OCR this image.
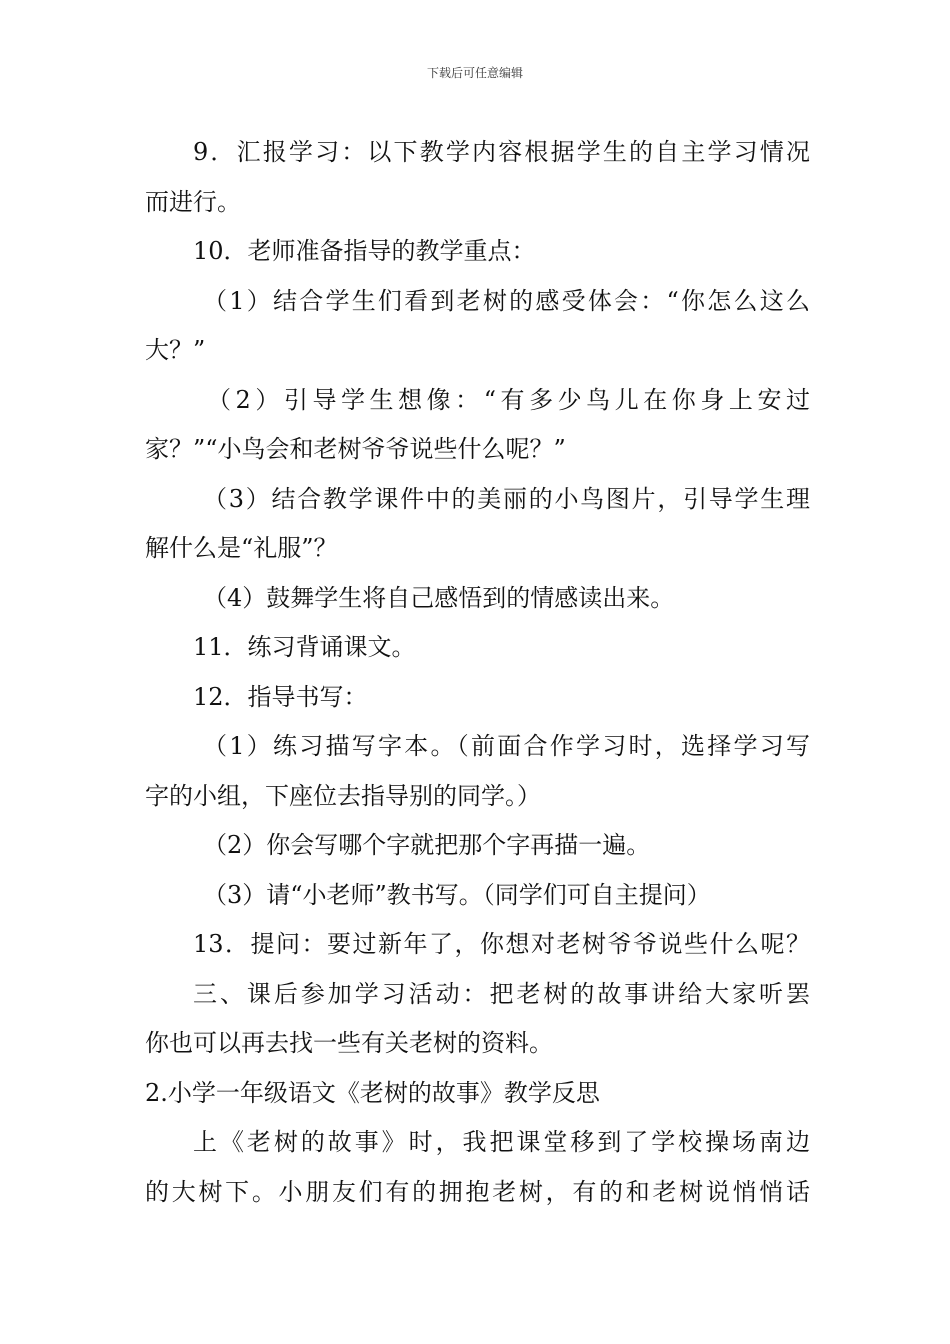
下载后可任意编辑
9．汇报学习：以下教学内容根据学生的自主学习情况
而进行。
10．老师准备指导的教学重点：
（1）结合学生们看到老树的感受体会：“你怎么这么
大？”
（2）引导学生想像：“有多少鸟儿在你身上安过
家？”“小鸟会和老树爷爷说些什么呢？”
（3）结合教学课件中的美丽的小鸟图片，引导学生理
解什么是“礼服”？
（4）鼓舞学生将自己感悟到的情感读出来。
11．练习背诵课文。
12．指导书写：
（1）练习描写字本。（前面合作学习时，选择学习写
字的小组，下座位去指导别的同学。）
（2）你会写哪个字就把那个字再描一遍。
（3）请“小老师”教书写。（同学们可自主提问）
13．提问：要过新年了，你想对老树爷爷说些什么呢？
三、课后参加学习活动：把老树的故事讲给大家听罢
你也可以再去找一些有关老树的资料。
2.小学一年级语文《老树的故事》教学反思
上《老树的故事》时，我把课堂移到了学校操场南边
的大树下。小朋友们有的拥抱老树，有的和老树说悄悄话
